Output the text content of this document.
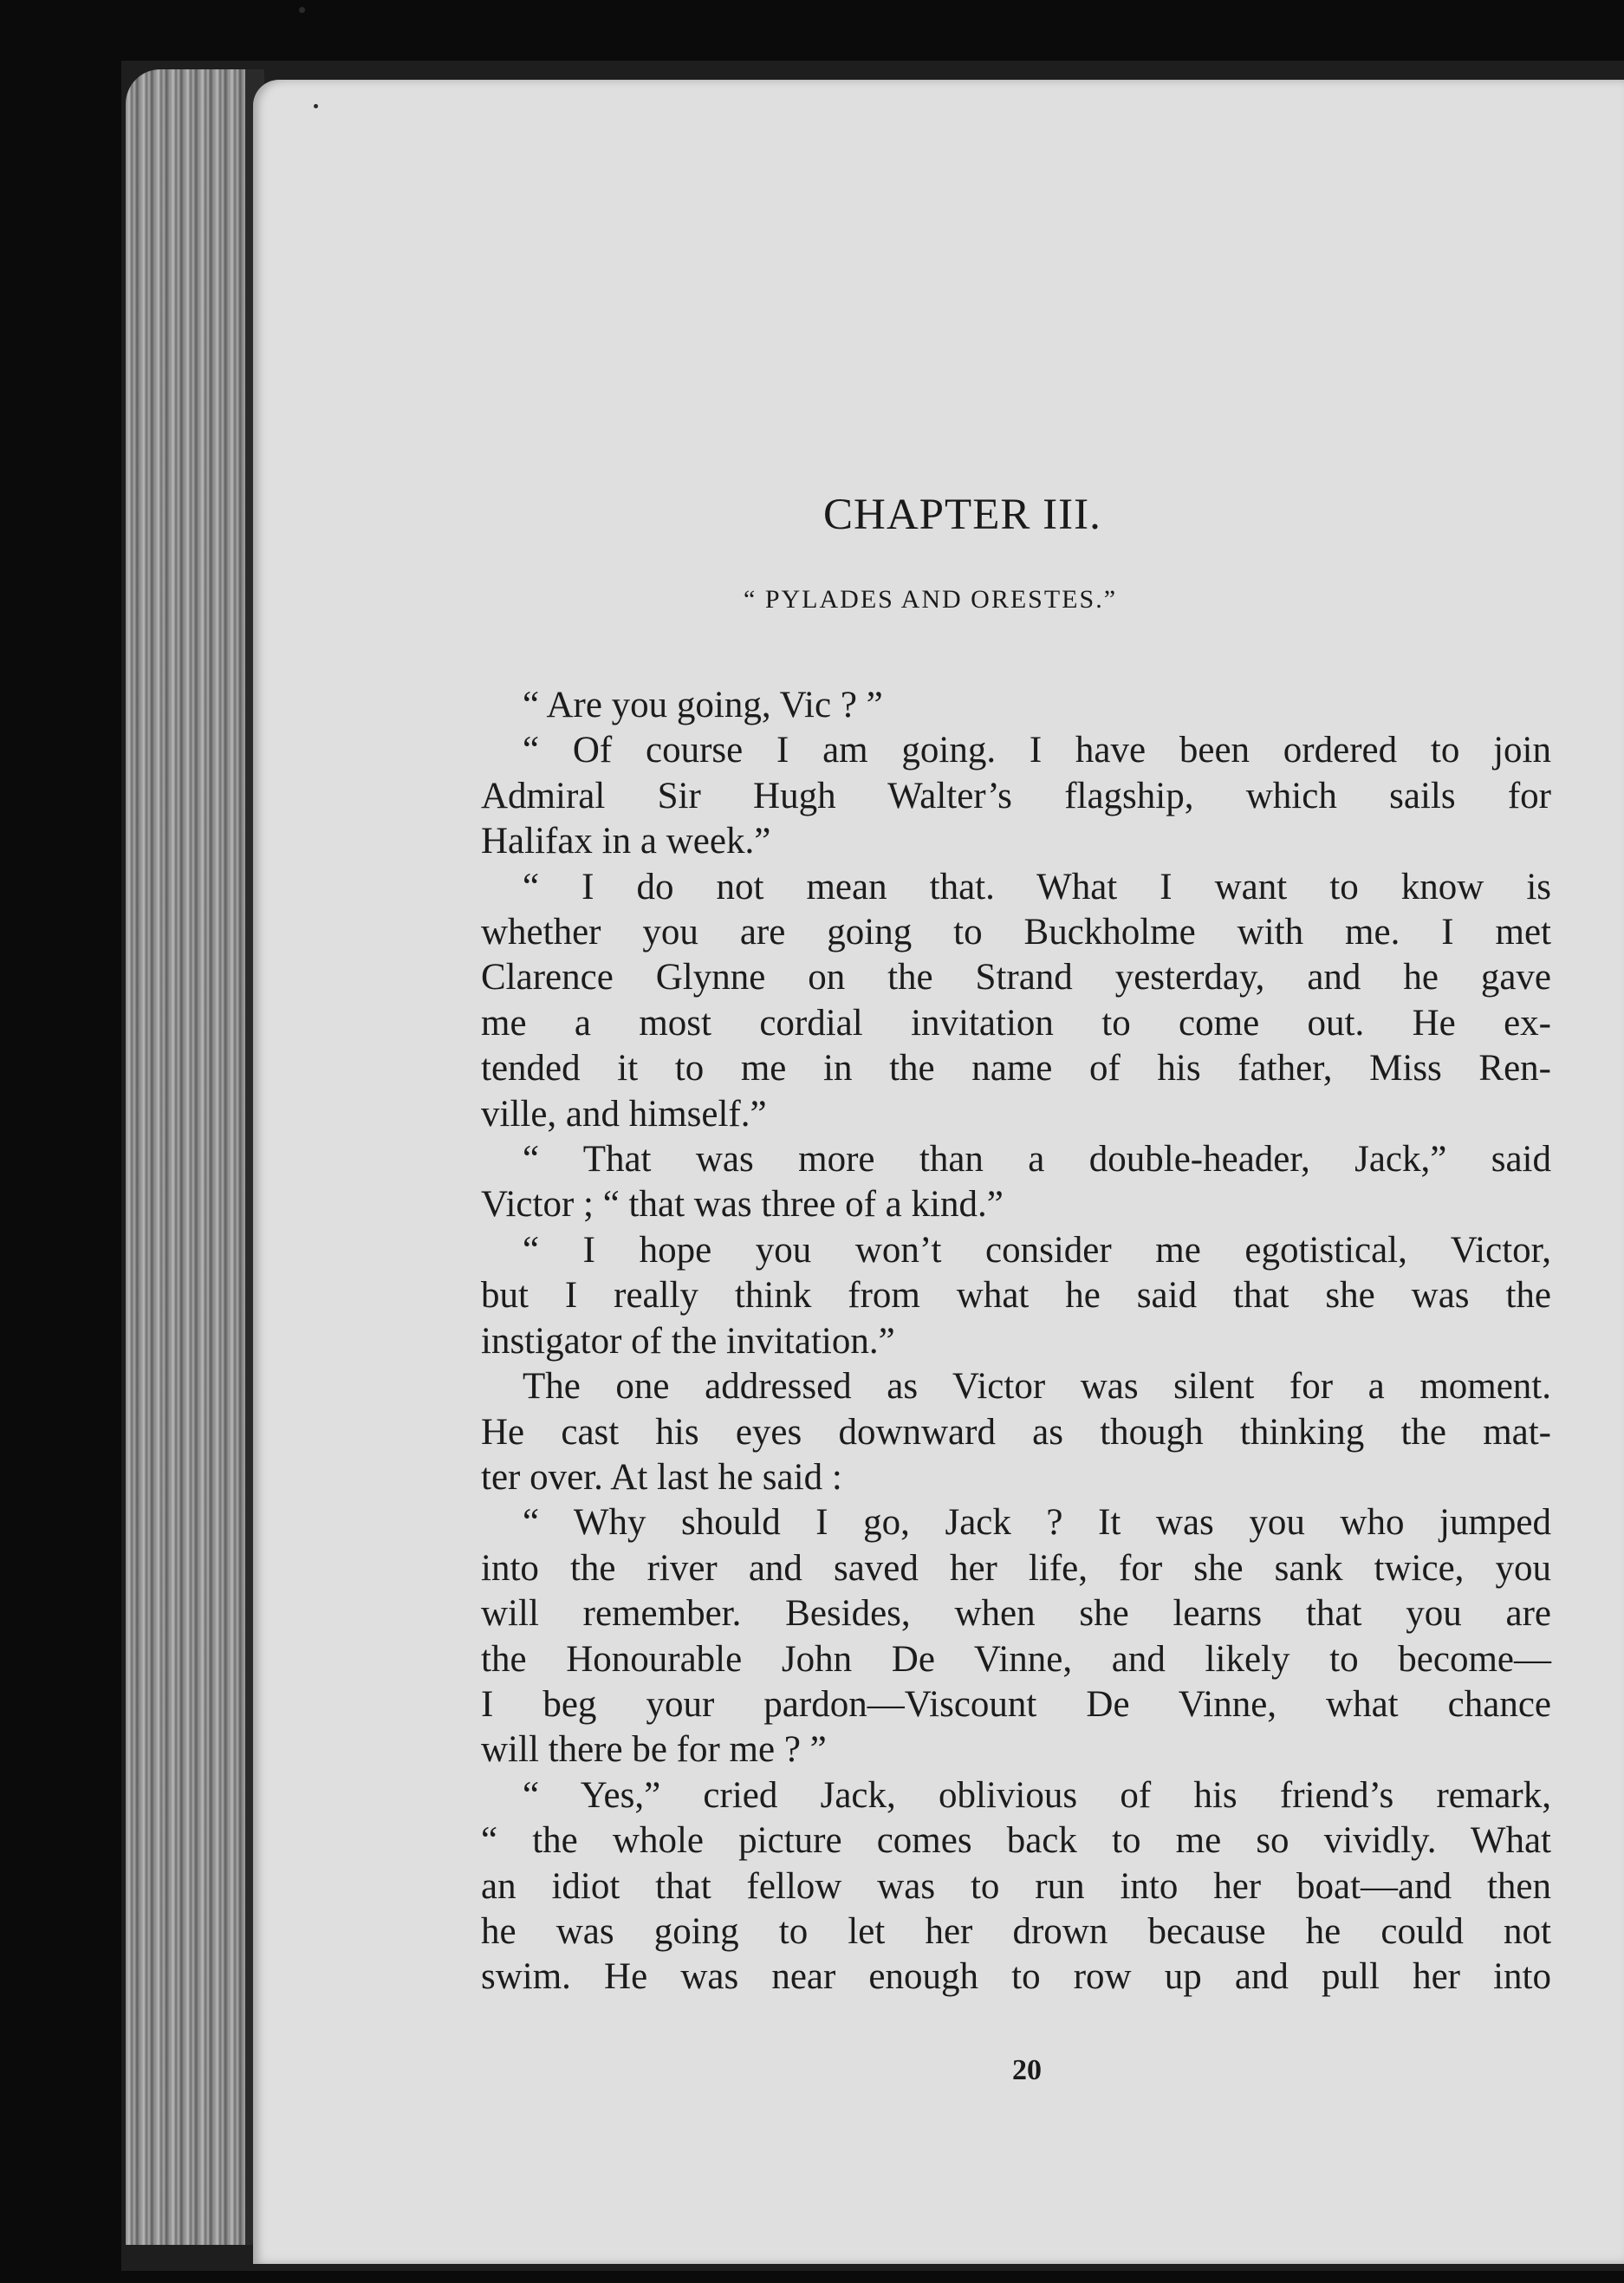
CHAPTER III.
“ PYLADES AND ORESTES.”
“ Are you going, Vic ? ”
“ Of course I am going. I have been ordered to join
Admiral Sir Hugh Walter’s flagship, which sails for
Halifax in a week.”
“ I do not mean that. What I want to know is
whether you are going to Buckholme with me. I met
Clarence Glynne on the Strand yesterday, and he gave
me a most cordial invitation to come out. He ex-
tended it to me in the name of his father, Miss Ren-
ville, and himself.”
“ That was more than a double-header, Jack,” said
Victor ; “ that was three of a kind.”
“ I hope you won’t consider me egotistical, Victor,
but I really think from what he said that she was the
instigator of the invitation.”
The one addressed as Victor was silent for a moment.
He cast his eyes downward as though thinking the mat-
ter over. At last he said :
“ Why should I go, Jack ? It was you who jumped
into the river and saved her life, for she sank twice, you
will remember. Besides, when she learns that you are
the Honourable John De Vinne, and likely to become—
I beg your pardon—Viscount De Vinne, what chance
will there be for me ? ”
“ Yes,” cried Jack, oblivious of his friend’s remark,
“ the whole picture comes back to me so vividly. What
an idiot that fellow was to run into her boat—and then
he was going to let her drown because he could not
swim. He was near enough to row up and pull her into
20
